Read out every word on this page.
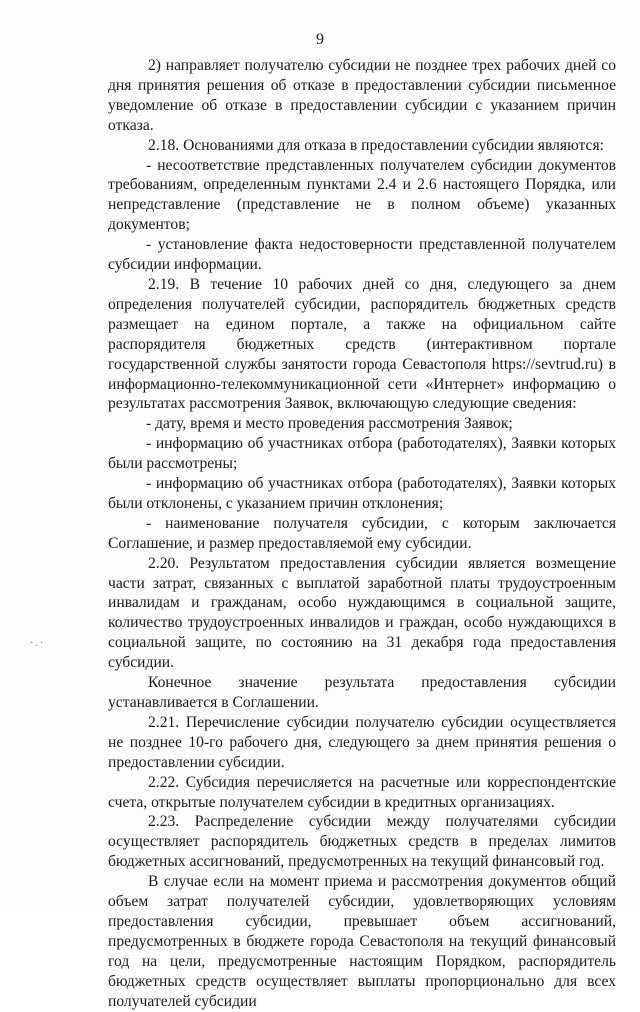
9
·.·

2) направляет получателю субсидии не позднее трех рабочих дней со дня принятия решения об отказе в предоставлении субсидии письменное уведомление об отказе в предоставлении субсидии с указанием причин отказа.

2.18. Основаниями для отказа в предоставлении субсидии являются:

- несоответствие представленных получателем субсидии документов требованиям, определенным пунктами 2.4 и 2.6 настоящего Порядка, или непредставление (представление не в полном объеме) указанных документов;

- установление факта недостоверности представленной получателем субсидии информации.

2.19. В течение 10 рабочих дней со дня, следующего за днем определения получателей субсидии, распорядитель бюджетных средств размещает на едином портале, а также на официальном сайте распорядителя бюджетных средств (интерактивном портале государственной службы занятости города Севастополя https://sevtrud.ru) в информационно-телекоммуникационной сети «Интернет» информацию о результатах рассмотрения Заявок, включающую следующие сведения:

- дату, время и место проведения рассмотрения Заявок;

- информацию об участниках отбора (работодателях), Заявки которых были рассмотрены;

- информацию об участниках отбора (работодателях), Заявки которых были отклонены, с указанием причин отклонения;

- наименование получателя субсидии, с которым заключается Соглашение, и размер предоставляемой ему субсидии.

2.20. Результатом предоставления субсидии является возмещение части затрат, связанных с выплатой заработной платы трудоустроенным инвалидам и гражданам, особо нуждающимся в социальной защите, количество трудоустроенных инвалидов и граждан, особо нуждающихся в социальной защите, по состоянию на 31 декабря года предоставления субсидии.

Конечное значение результата предоставления субсидии устанавливается в Соглашении.

2.21. Перечисление субсидии получателю субсидии осуществляется не позднее 10-го рабочего дня, следующего за днем принятия решения о предоставлении субсидии.

2.22. Субсидия перечисляется на расчетные или корреспондентские счета, открытые получателем субсидии в кредитных организациях.

2.23. Распределение субсидии между получателями субсидии осуществляет распорядитель бюджетных средств в пределах лимитов бюджетных ассигнований, предусмотренных на текущий финансовый год.

В случае если на момент приема и рассмотрения документов общий объем затрат получателей субсидии, удовлетворяющих условиям предоставления субсидии, превышает объем ассигнований, предусмотренных в бюджете города Севастополя на текущий финансовый год на цели, предусмотренные настоящим Порядком, распорядитель бюджетных средств осуществляет выплаты пропорционально для всех получателей субсидии
